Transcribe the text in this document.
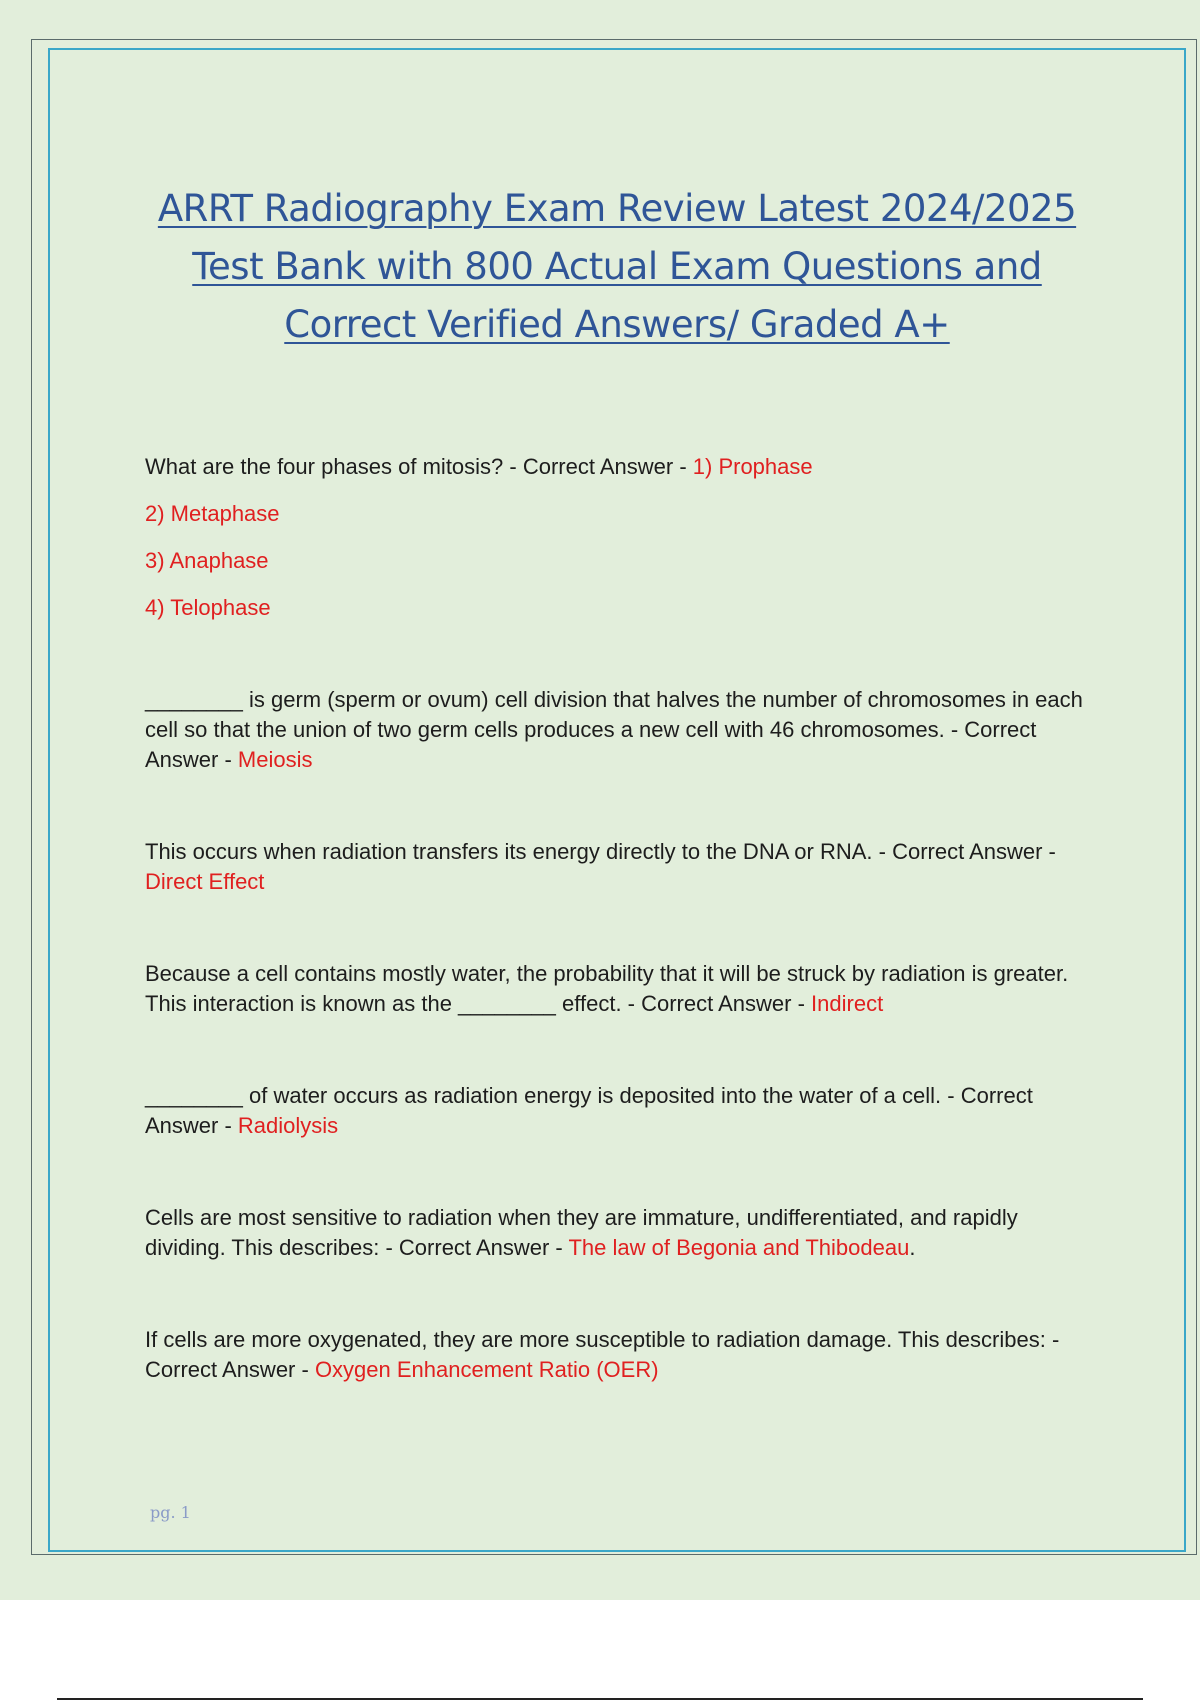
ARRT Radiography Exam Review Latest 2024/2025
Test Bank with 800 Actual Exam Questions and
Correct Verified Answers/ Graded A+

What are the four phases of mitosis? - Correct Answer - 1) Prophase

2) Metaphase

3) Anaphase

4) Telophase

________ is germ (sperm or ovum) cell division that halves the number of chromosomes in each cell so that the union of two germ cells produces a new cell with 46 chromosomes. - Correct Answer - Meiosis

This occurs when radiation transfers its energy directly to the DNA or RNA. - Correct Answer - Direct Effect

Because a cell contains mostly water, the probability that it will be struck by radiation is greater. This interaction is known as the ________ effect. - Correct Answer - Indirect

________ of water occurs as radiation energy is deposited into the water of a cell. - Correct Answer - Radiolysis

Cells are most sensitive to radiation when they are immature, undifferentiated, and rapidly dividing. This describes: - Correct Answer - The law of Begonia and Thibodeau.

If cells are more oxygenated, they are more susceptible to radiation damage. This describes: - Correct Answer - Oxygen Enhancement Ratio (OER)

pg. 1
